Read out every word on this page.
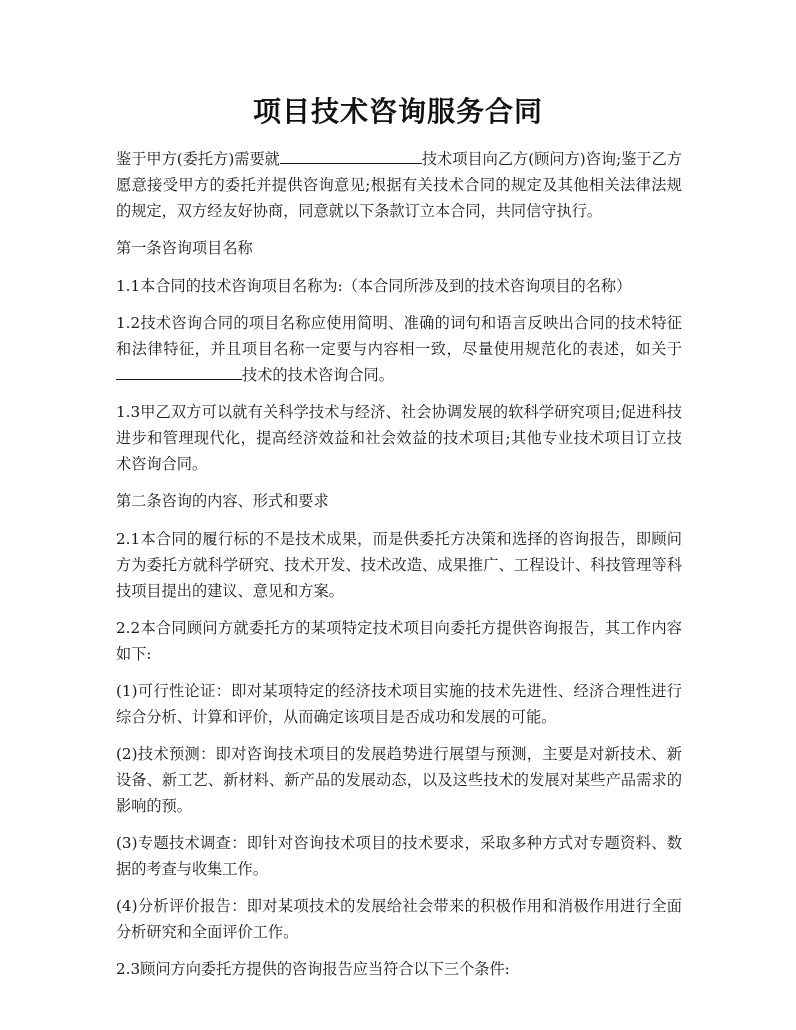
项目技术咨询服务合同

鉴于甲方(委托方)需要就	技术项目向乙方(顾问方)咨询;鉴于乙方愿意接受甲方的委托并提供咨询意见;根据有关技术合同的规定及其他相关法律法规的规定，双方经友好协商，同意就以下条款订立本合同，共同信守执行。

第一条咨询项目名称

1.1本合同的技术咨询项目名称为:（本合同所涉及到的技术咨询项目的名称）

1.2技术咨询合同的项目名称应使用简明、准确的词句和语言反映出合同的技术特征和法律特征，并且项目名称一定要与内容相一致，尽量使用规范化的表述，如关于技术的技术咨询合同。

1.3甲乙双方可以就有关科学技术与经济、社会协调发展的软科学研究项目;促进科技进步和管理现代化，提高经济效益和社会效益的技术项目;其他专业技术项目订立技术咨询合同。

第二条咨询的内容、形式和要求

2.1本合同的履行标的不是技术成果，而是供委托方决策和选择的咨询报告，即顾问方为委托方就科学研究、技术开发、技术改造、成果推广、工程设计、科技管理等科技项目提出的建议、意见和方案。

2.2本合同顾问方就委托方的某项特定技术项目向委托方提供咨询报告，其工作内容如下:

(1)可行性论证：即对某项特定的经济技术项目实施的技术先进性、经济合理性进行综合分析、计算和评价，从而确定该项目是否成功和发展的可能。

(2)技术预测：即对咨询技术项目的发展趋势进行展望与预测，主要是对新技术、新设备、新工艺、新材料、新产品的发展动态，以及这些技术的发展对某些产品需求的影响的预。

(3)专题技术调查：即针对咨询技术项目的技术要求，采取多种方式对专题资料、数据的考查与收集工作。

(4)分析评价报告：即对某项技术的发展给社会带来的积极作用和消极作用进行全面分析研究和全面评价工作。

2.3顾问方向委托方提供的咨询报告应当符合以下三个条件:
